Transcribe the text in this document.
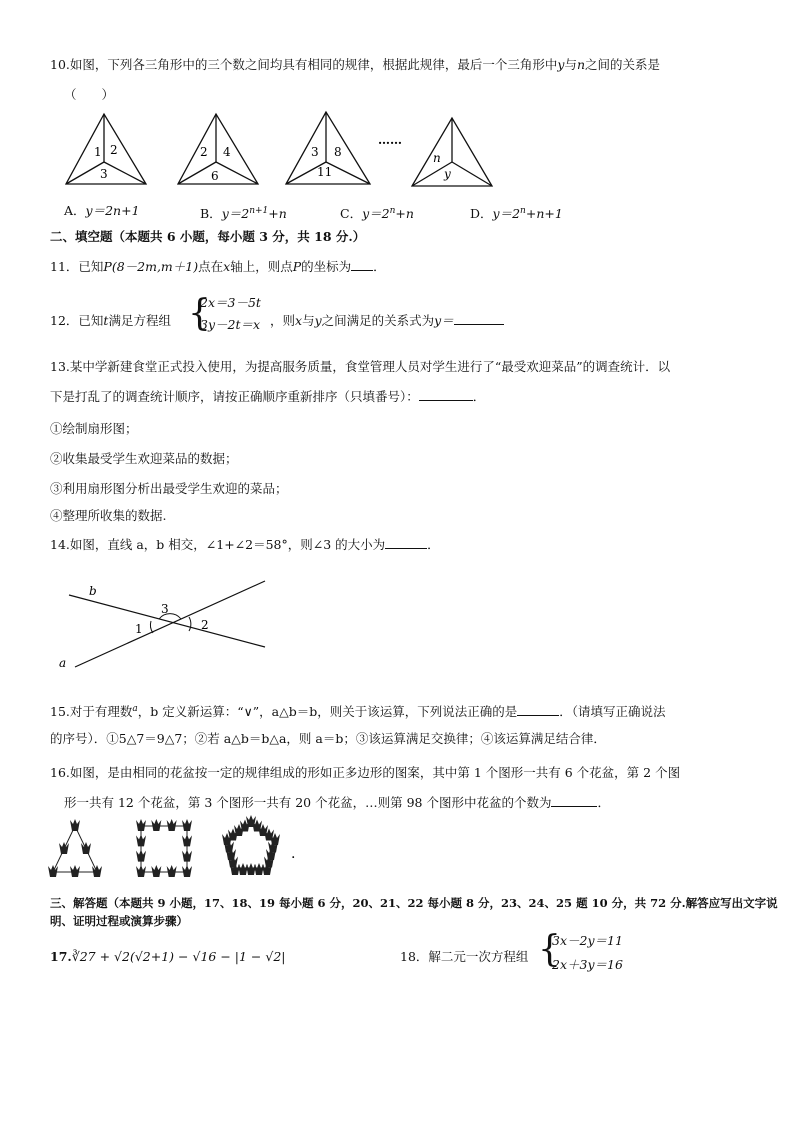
10.如图，下列各三角形中的三个数之间均具有相同的规律，根据此规律，最后一个三角形中y与n之间的关系是
（　　）
1 2
3
2 4
6
3 8
11
……
n
y
A．y＝2n+1	B．$y=2^{n+1}+n$	C．$y=2^n+n$	D．$y=2^n+n+1$
二、填空题（本题共 6 小题，每小题 3 分，共 18 分.）
11．已知P(8－2m,m＋1)点在x轴上，则点P的坐标为 ．
12．已知t满足方程组 {
2x＝3－5t
3y－2t＝x ，则x与y之间满足的关系式为y＝
13.某中学新建食堂正式投入使用，为提高服务质量，食堂管理人员对学生进行了“最受欢迎菜品”的调查统计．以
下是打乱了的调查统计顺序，请按正确顺序重新排序（只填番号）：	．
①绘制扇形图；
②收集最受学生欢迎菜品的数据；
③利用扇形图分析出最受学生欢迎的菜品；
④整理所收集的数据.
14.如图，直线 a，b 相交，∠1+∠2＝58°，则∠3 的大小为	．
b
a
1	2
3
15.对于有理数$^a$，b 定义新运算：“∨”，a△b＝b，则关于该运算，下列说法正确的是	．（请填写正确说法
的序号）．①5△7＝9△7；②若 a△b＝b△a，则 a＝b；③该运算满足交换律；④该运算满足结合律．
16.如图，是由相同的花盆按一定的规律组成的形如正多边形的图案，其中第 1 个图形一共有 6 个花盆，第 2 个图
形一共有 12 个花盆，第 3 个图形一共有 20 个花盆，…则第 98 个图形中花盆的个数为	．
.
三、解答题（本题共 9 小题，17、18、19 每小题 6 分，20、21、22 每小题 8 分，23、24、25 题 10 分，共 72 分.解答应写出文字说
明、证明过程或演算步骤）
17.∛27 + √2(√2+1) − √16 − |1 − √2|	18．解二元一次方程组 {
3x－2y＝11
2x＋3y＝16
